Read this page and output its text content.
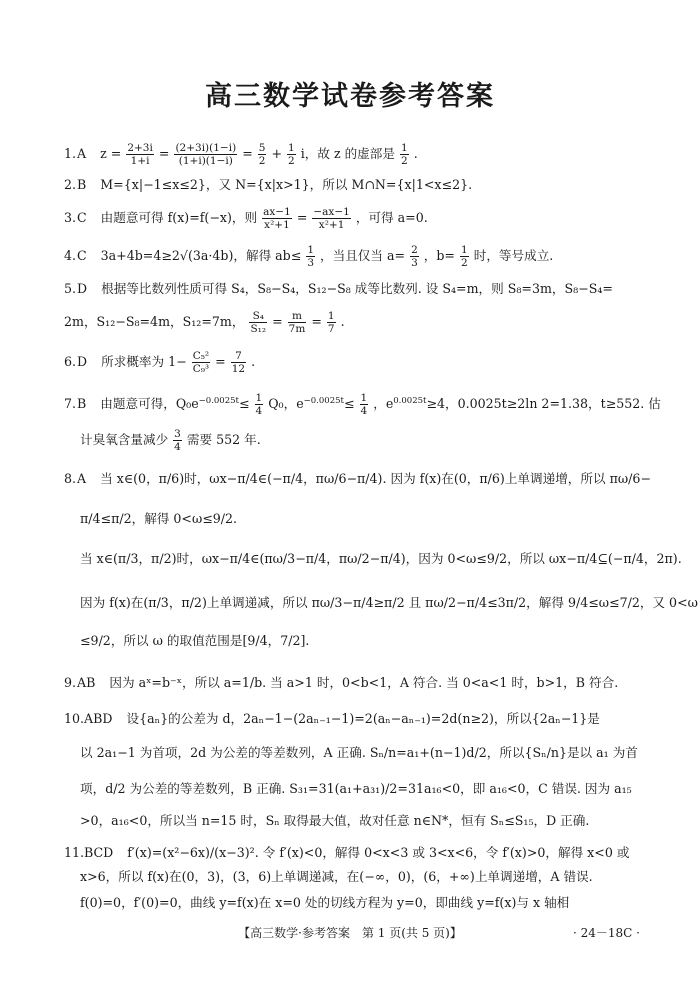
高三数学试卷参考答案
1.A $z = \frac{2+3i}{1+i} = \frac{(2+3i)(1-i)}{(1+i)(1-i)} = \frac{5}{2} + \frac{1}{2}$ i，故 z 的虚部是 $\frac{1}{2}$ .
2.B M={x|−1≤x≤2}，又 N={x|x>1}，所以 M∩N={x|1<x≤2}.
3.C 由题意可得 f(x)=f(−x)，则 $\frac{ax-1}{\text{x²+1}} = \frac{-ax-1}{\text{x²+1}}$ ，可得 a=0.
4.C 3a+4b=4≥2√(3a·4b)，解得 $ab\le \frac{1}{3}$ ，当且仅当 $a= \frac{2}{3}$ ，$b= \frac{1}{2}$ 时，等号成立.
5.D 根据等比数列性质可得 S₄，S₈−S₄，S₁₂−S₈ 成等比数列. 设 S₄=m，则 S₈=3m，S₈−S₄=
2m，S₁₂−S₈=4m，S₁₂=7m， $\frac{\text{S₄}}{\text{S₁₂}} = \frac{m}{7m} = \frac{1}{7}$ .
6.D 所求概率为 $1- \frac{\text{C₅²}}{\text{C₉³}} = \frac{7}{12}$ .
7.B 由题意可得，$Q_0e^{-0.0025t}\le \frac{1}{4} Q_0$，$e^{-0.0025t}\le \frac{1}{4}$ ，$e^{0.0025t}\ge 4$，0.0025t≥2ln 2=1.38，t≥552. 估
计臭氧含量减少 $\frac{3}{4}$ 需要 552 年.
8.A 当 x∈(0，π/6)时，ωx−π/4∈(−π/4，πω/6−π/4). 因为 f(x)在(0，π/6)上单调递增，所以 πω/6−
π/4≤π/2，解得 0<ω≤9/2.
当 x∈(π/3，π/2)时，ωx−π/4∈(πω/3−π/4，πω/2−π/4)，因为 0<ω≤9/2，所以 ωx−π/4⊆(−π/4，2π).
因为 f(x)在(π/3，π/2)上单调递减，所以 πω/3−π/4≥π/2 且 πω/2−π/4≤3π/2，解得 9/4≤ω≤7/2，又 0<ω
≤9/2，所以 ω 的取值范围是[9/4，7/2].
9.AB 因为 aˣ=b⁻ˣ，所以 a=1/b. 当 a>1 时，0<b<1，A 符合. 当 0<a<1 时，b>1，B 符合.
10.ABD 设{aₙ}的公差为 d，2aₙ−1−(2aₙ₋₁−1)=2(aₙ−aₙ₋₁)=2d(n≥2)，所以{2aₙ−1}是
以 2a₁−1 为首项，2d 为公差的等差数列，A 正确. Sₙ/n=a₁+(n−1)d/2，所以{Sₙ/n}是以 a₁ 为首
项，d/2 为公差的等差数列，B 正确. S₃₁=31(a₁+a₃₁)/2=31a₁₆<0，即 a₁₆<0，C 错误. 因为 a₁₅
>0，a₁₆<0，所以当 n=15 时，Sₙ 取得最大值，故对任意 n∈N*，恒有 Sₙ≤S₁₅，D 正确.
11.BCD f′(x)=(x²−6x)/(x−3)². 令 f′(x)<0，解得 0<x<3 或 3<x<6，令 f′(x)>0，解得 x<0 或
x>6，所以 f(x)在(0，3)，(3，6)上单调递减，在(−∞，0)，(6，+∞)上单调递增，A 错误.
f(0)=0，f′(0)=0，曲线 y=f(x)在 x=0 处的切线方程为 y=0，即曲线 y=f(x)与 x 轴相
【高三数学·参考答案　第 1 页(共 5 页)】	· 24－18C ·
